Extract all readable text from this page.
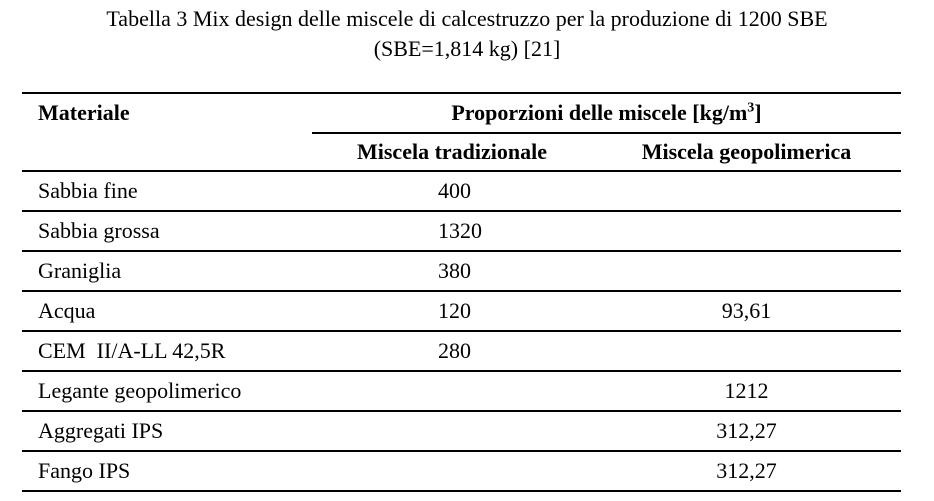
Tabella 3 Mix design delle miscele di calcestruzzo per la produzione di 1200 SBE
(SBE=1,814 kg) [21]
Materiale	Proporzioni delle miscele $[kg/m^3]$	
	Miscela tradizionale	Miscela geopolimerica
Sabbia fine	400	
Sabbia grossa	1320	
Graniglia	380	
Acqua	120	93,61
CEM  II/A-LL 42,5R	280	
Legante geopolimerico		1212
Aggregati IPS		312,27
Fango IPS		312,27
